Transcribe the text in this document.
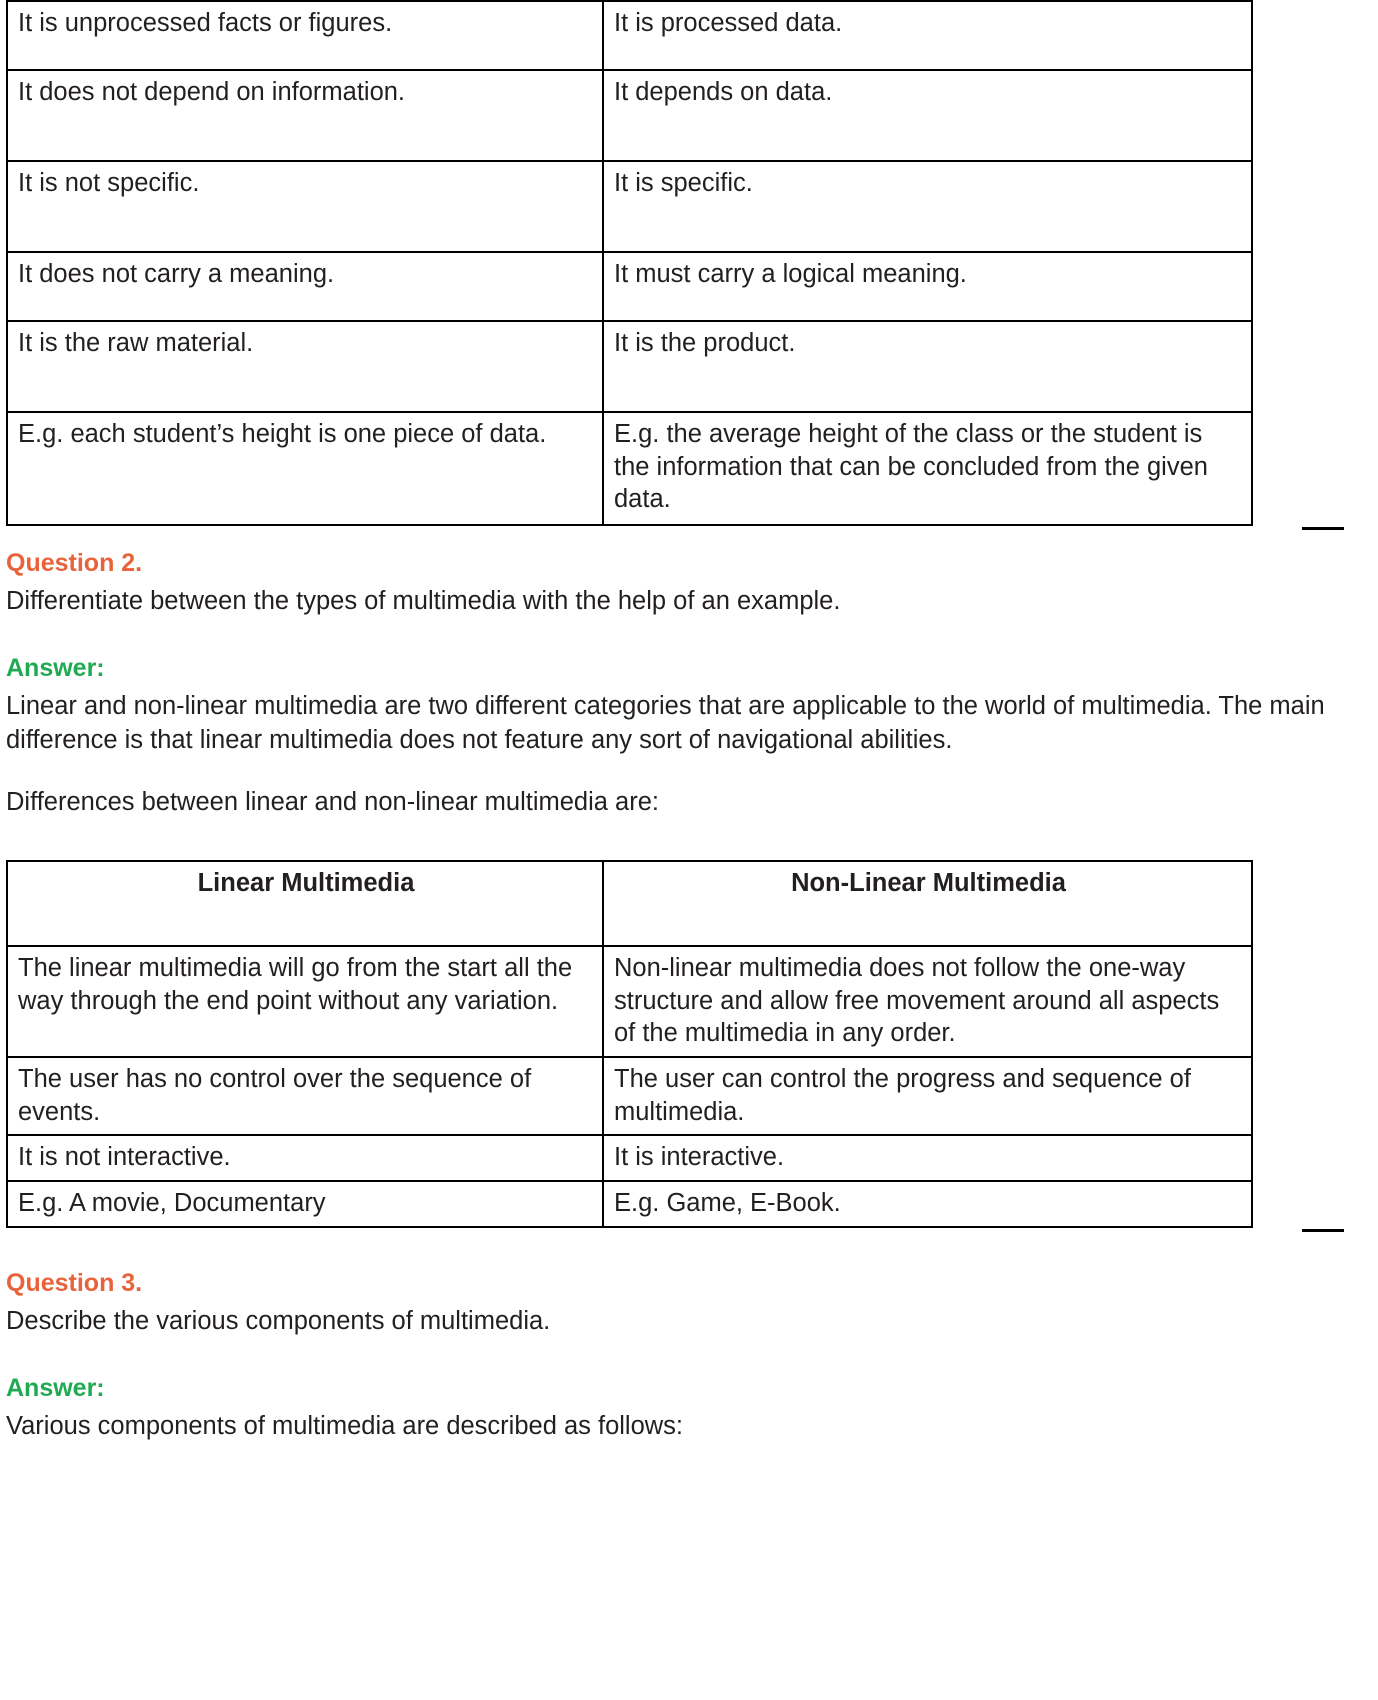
It is unprocessed facts or figures.	It is processed data.
It does not depend on information.	It depends on data.
It is not specific.	It is specific.
It does not carry a meaning.	It must carry a logical meaning.
It is the raw material.	It is the product.
E.g. each student’s height is one piece of data.	E.g. the average height of the class or the student is the information that can be concluded from the given data.
Question 2.
Differentiate between the types of multimedia with the help of an example.
Answer:
Linear and non-linear multimedia are two different categories that are applicable to the world of multimedia. The main difference is that linear multimedia does not feature any sort of navigational abilities.
Differences between linear and non-linear multimedia are:
Linear Multimedia	Non-Linear Multimedia
The linear multimedia will go from the start all the way through the end point without any variation.	Non-linear multimedia does not follow the one-way structure and allow free movement around all aspects of the multimedia in any order.
The user has no control over the sequence of events.	The user can control the progress and sequence of multimedia.
It is not interactive.	It is interactive.
E.g. A movie, Documentary	E.g. Game, E-Book.
Question 3.
Describe the various components of multimedia.
Answer:
Various components of multimedia are described as follows:
